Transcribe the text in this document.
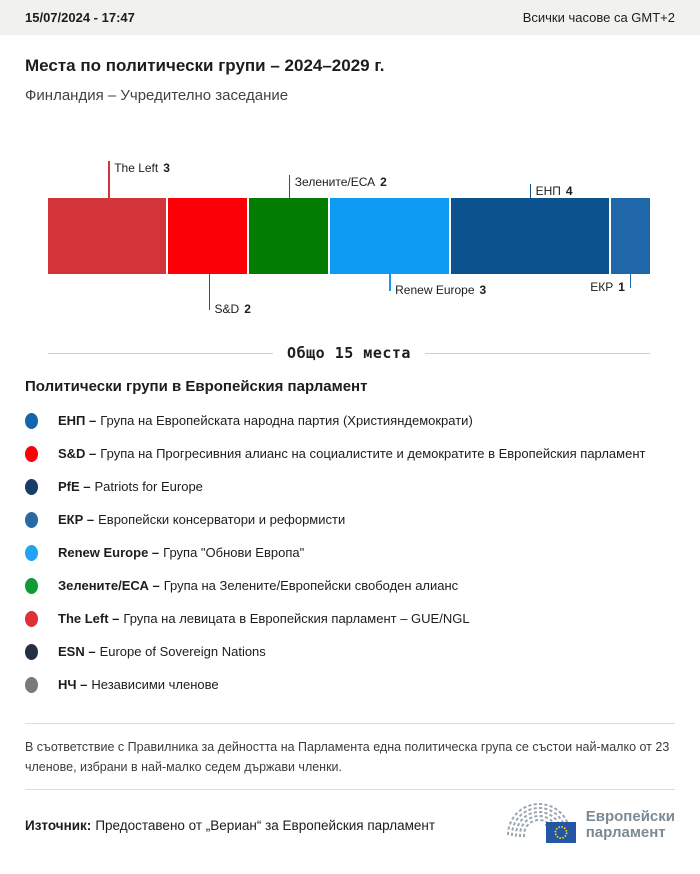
15/07/2024 - 17:47	Всички часове са GMT+2
Места по политически групи – 2024–2029 г.
Финландия – Учредително заседание
The Left 3
S&D 2
Зелените/ЕСА 2
Renew Europe 3
ЕНП 4
ЕКР 1
Общо 15 места
Политически групи в Европейския парламент
ЕНП – Група на Европейската народна партия (Християндемократи)
S&D – Група на Прогресивния алианс на социалистите и демократите в Европейския парламент
PfE – Patriots for Europe
ЕКР – Европейски консерватори и реформисти
Renew Europe – Група "Обнови Европа"
Зелените/ЕСА – Група на Зелените/Европейски свободен алианс
The Left – Група на левицата в Европейския парламент – GUE/NGL
ESN – Europe of Sovereign Nations
НЧ – Независими членове
В съответствие с Правилника за дейността на Парламента една политическа група се състои най-малко от 23 членове, избрани в най-малко седем държави членки.
Източник: Предоставено от „Вериан“ за Европейския парламент	Европейски
парламент
